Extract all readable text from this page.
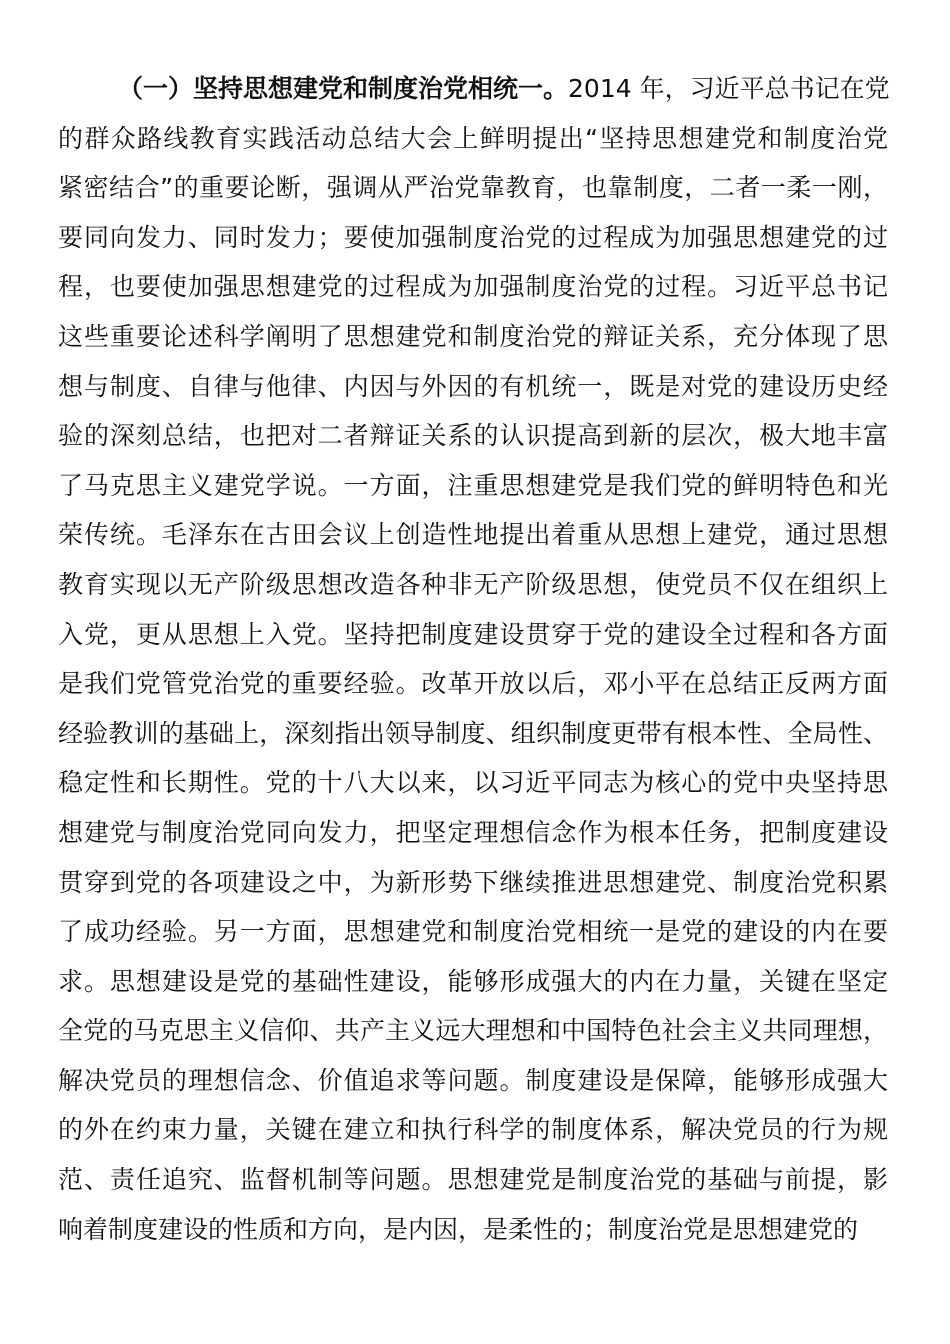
（一）坚持思想建党和制度治党相统一。2014 年，习近平总书记在党
的群众路线教育实践活动总结大会上鲜明提出“坚持思想建党和制度治党
紧密结合”的重要论断，强调从严治党靠教育，也靠制度，二者一柔一刚，
要同向发力、同时发力；要使加强制度治党的过程成为加强思想建党的过
程，也要使加强思想建党的过程成为加强制度治党的过程。习近平总书记
这些重要论述科学阐明了思想建党和制度治党的辩证关系，充分体现了思
想与制度、自律与他律、内因与外因的有机统一，既是对党的建设历史经
验的深刻总结，也把对二者辩证关系的认识提高到新的层次，极大地丰富
了马克思主义建党学说。一方面，注重思想建党是我们党的鲜明特色和光
荣传统。毛泽东在古田会议上创造性地提出着重从思想上建党，通过思想
教育实现以无产阶级思想改造各种非无产阶级思想，使党员不仅在组织上
入党，更从思想上入党。坚持把制度建设贯穿于党的建设全过程和各方面
是我们党管党治党的重要经验。改革开放以后，邓小平在总结正反两方面
经验教训的基础上，深刻指出领导制度、组织制度更带有根本性、全局性、
稳定性和长期性。党的十八大以来，以习近平同志为核心的党中央坚持思
想建党与制度治党同向发力，把坚定理想信念作为根本任务，把制度建设
贯穿到党的各项建设之中，为新形势下继续推进思想建党、制度治党积累
了成功经验。另一方面，思想建党和制度治党相统一是党的建设的内在要
求。思想建设是党的基础性建设，能够形成强大的内在力量，关键在坚定
全党的马克思主义信仰、共产主义远大理想和中国特色社会主义共同理想，
解决党员的理想信念、价值追求等问题。制度建设是保障，能够形成强大
的外在约束力量，关键在建立和执行科学的制度体系，解决党员的行为规
范、责任追究、监督机制等问题。思想建党是制度治党的基础与前提，影
响着制度建设的性质和方向，是内因，是柔性的；制度治党是思想建党的
